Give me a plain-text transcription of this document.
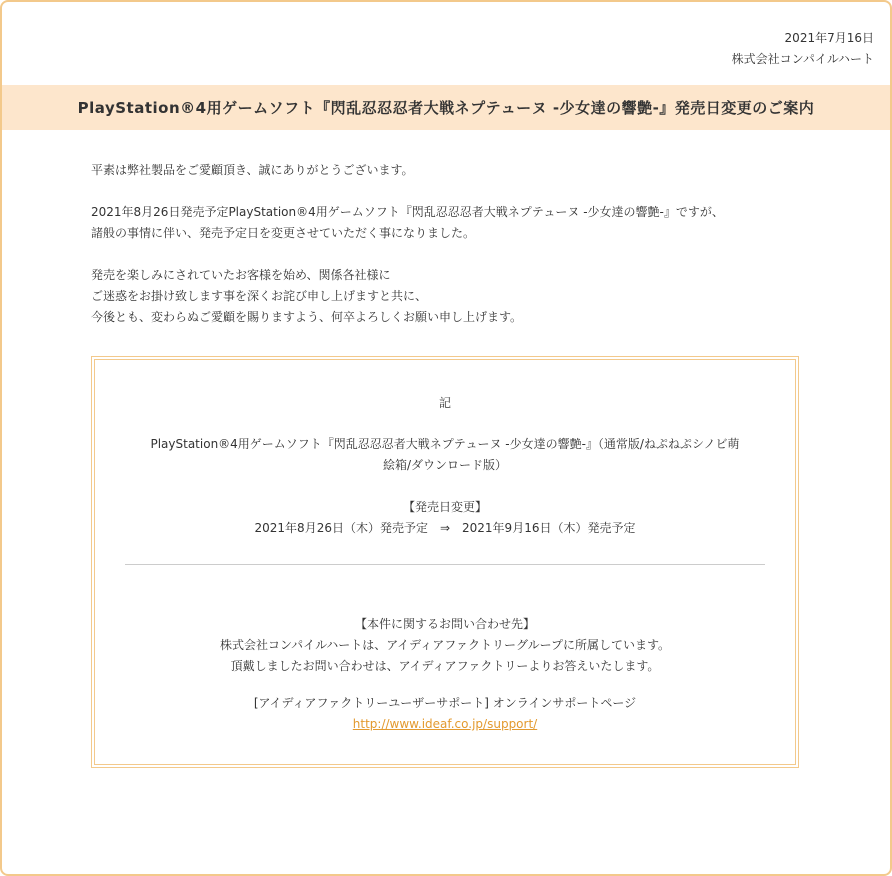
2021年7月16日
株式会社コンパイルハート
PlayStation®4用ゲームソフト『閃乱忍忍忍者大戦ネプテューヌ -少女達の響艶-』発売日変更のご案内

平素は弊社製品をご愛顧頂き、誠にありがとうございます。

2021年8月26日発売予定PlayStation®4用ゲームソフト『閃乱忍忍忍者大戦ネプテューヌ -少女達の響艶-』ですが、
諸般の事情に伴い、発売予定日を変更させていただく事になりました。

発売を楽しみにされていたお客様を始め、関係各社様に
ご迷惑をお掛け致します事を深くお詫び申し上げますと共に、
今後とも、変わらぬご愛顧を賜りますよう、何卒よろしくお願い申し上げます。

記
PlayStation®4用ゲームソフト『閃乱忍忍忍者大戦ネプテューヌ -少女達の響艶-』（通常版/ねぷねぷシノビ萌
絵箱/ダウンロード版）
【発売日変更】
2021年8月26日（木）発売予定　⇒　2021年9月16日（木）発売予定
【本件に関するお問い合わせ先】
株式会社コンパイルハートは、アイディアファクトリーグループに所属しています。
頂戴しましたお問い合わせは、アイディアファクトリーよりお答えいたします。
[アイディアファクトリーユーザーサポート] オンラインサポートページ
http://www.ideaf.co.jp/support/
